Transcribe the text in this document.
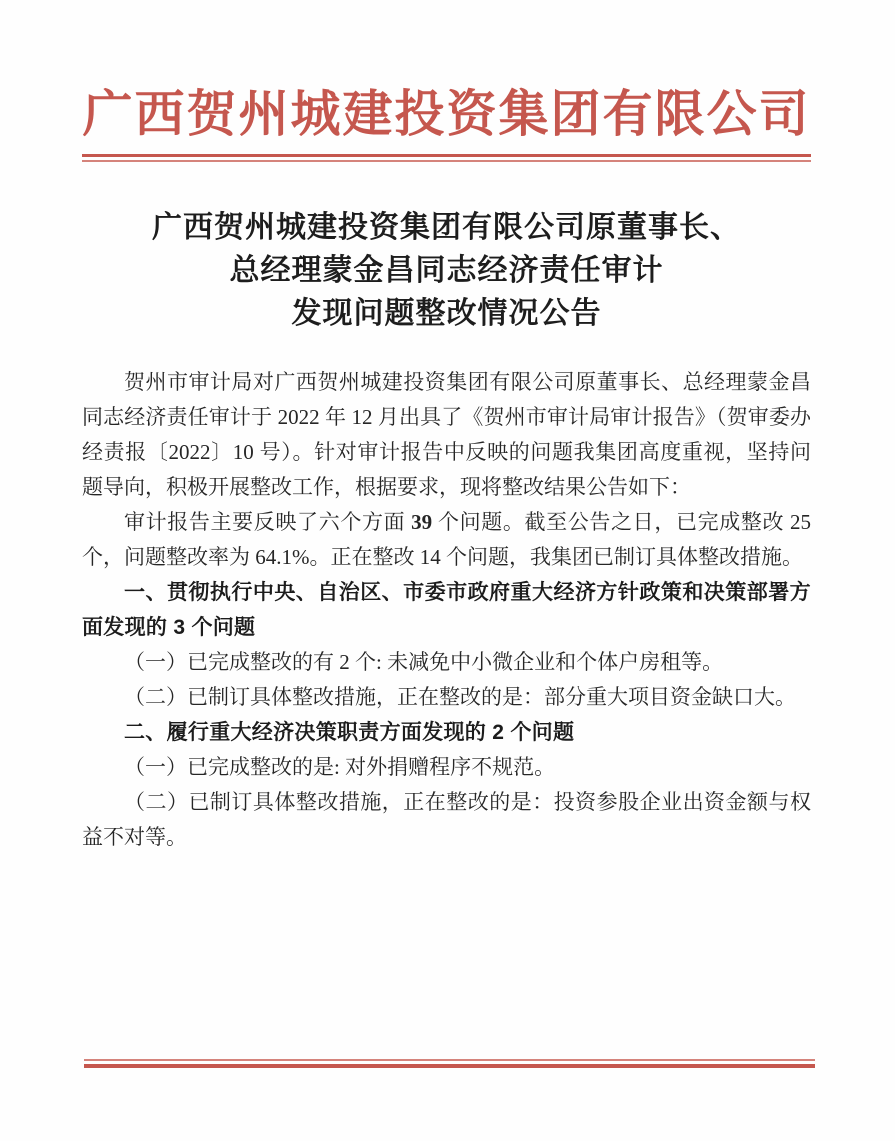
广西贺州城建投资集团有限公司
广西贺州城建投资集团有限公司原董事长、
总经理蒙金昌同志经济责任审计
发现问题整改情况公告

贺州市审计局对广西贺州城建投资集团有限公司原董事长、总经理蒙金昌同志经济责任审计于 2022 年 12 月出具了《贺州市审计局审计报告》（贺审委办经责报〔2022〕10 号）。针对审计报告中反映的问题我集团高度重视，坚持问题导向，积极开展整改工作，根据要求，现将整改结果公告如下：

审计报告主要反映了六个方面 39 个问题。截至公告之日，已完成整改 25 个，问题整改率为 64.1%。正在整改 14 个问题，我集团已制订具体整改措施。

一、贯彻执行中央、自治区、市委市政府重大经济方针政策和决策部署方面发现的 3 个问题

（一）已完成整改的有 2 个: 未减免中小微企业和个体户房租等。

（二）已制订具体整改措施，正在整改的是：部分重大项目资金缺口大。

二、履行重大经济决策职责方面发现的 2 个问题

（一）已完成整改的是: 对外捐赠程序不规范。

（二）已制订具体整改措施，正在整改的是：投资参股企业出资金额与权益不对等。
